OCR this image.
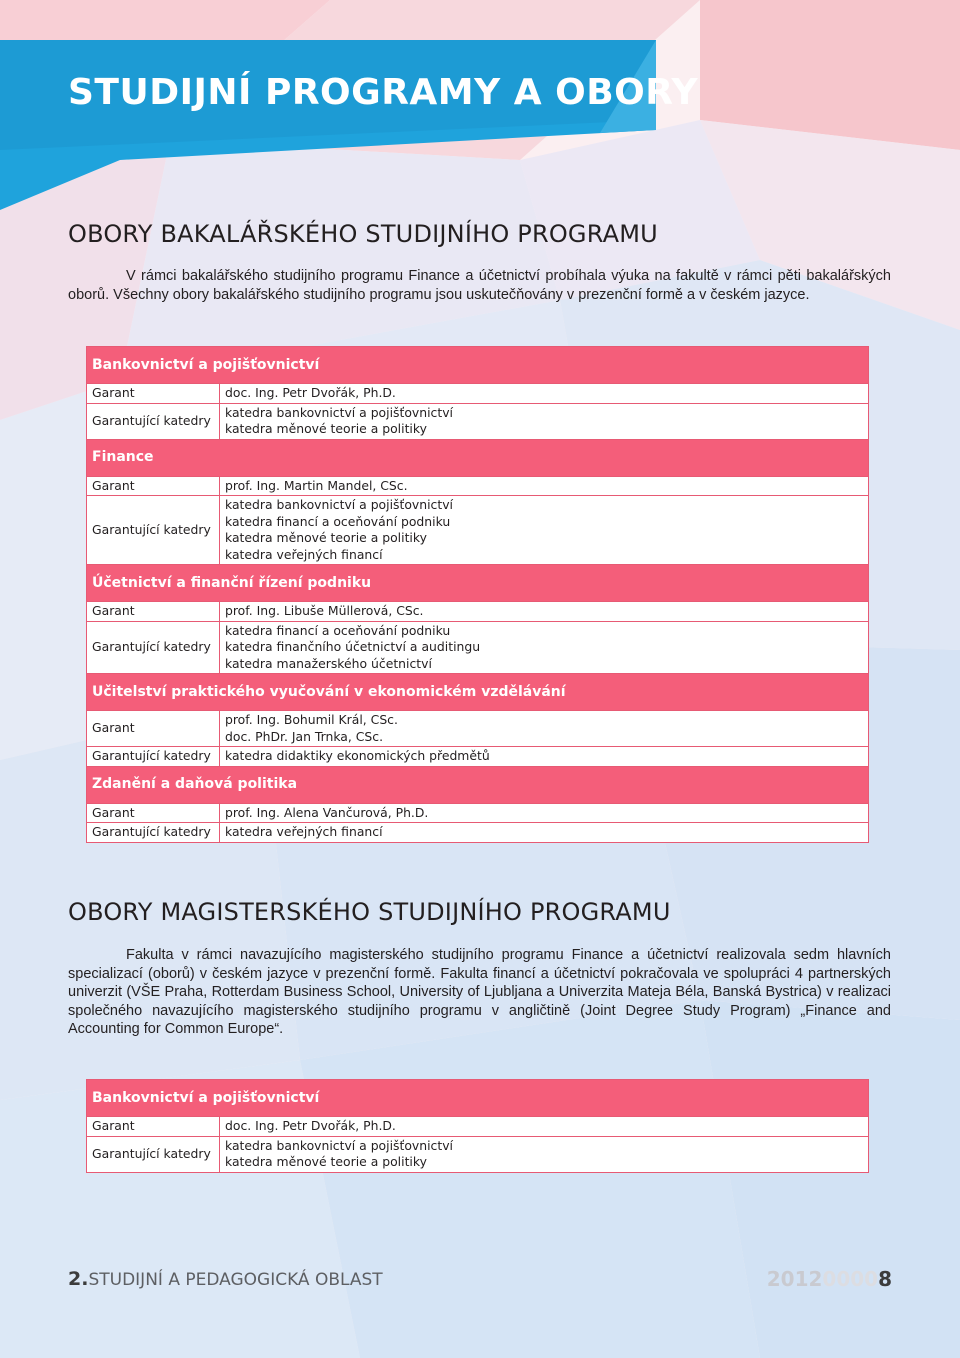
STUDIJNÍ PROGRAMY A OBORY
OBORY BAKALÁŘSKÉHO STUDIJNÍHO PROGRAMU

V rámci bakalářského studijního programu Finance a účetnictví probíhala výuka na fakultě v rámci pěti bakalářských oborů. Všechny obory bakalářského studijního programu jsou uskutečňovány v prezenční formě a v českém jazyce.

Bankovnictví a pojišťovnictví	
Garant	doc. Ing. Petr Dvořák, Ph.D.

Garantující katedry	katedra bankovnictví a pojišťovnictví
katedra měnové teorie a politiky

Finance	
Garant	prof. Ing. Martin Mandel, CSc.

Garantující katedry	katedra bankovnictví a pojišťovnictví
katedra financí a oceňování podniku
katedra měnové teorie a politiky
katedra veřejných financí

Účetnictví a finanční řízení podniku	
Garant	prof. Ing. Libuše Müllerová, CSc.

Garantující katedry	katedra financí a oceňování podniku
katedra finančního účetnictví a auditingu
katedra manažerského účetnictví

Učitelství praktického vyučování v ekonomickém vzdělávání	
Garant	prof. Ing. Bohumil Král, CSc.
doc. PhDr. Jan Trnka, CSc.

Garantující katedry	katedra didaktiky ekonomických předmětů

Zdanění a daňová politika	
Garant	prof. Ing. Alena Vančurová, Ph.D.

Garantující katedry	katedra veřejných financí
OBORY MAGISTERSKÉHO STUDIJNÍHO PROGRAMU

Fakulta v rámci navazujícího magisterského studijního programu Finance a účetnictví realizovala sedm hlavních specializací (oborů) v českém jazyce v prezenční formě. Fakulta financí a účetnictví pokračovala ve spolupráci 4 partnerských univerzit (VŠE Praha, Rotterdam Business School, University of Ljubljana a Univerzita Mateja Béla, Banská Bystrica) v realizaci společného navazujícího magisterského studijního programu v angličtině (Joint Degree Study Program) „Finance and Accounting for Common Europe“.

Bankovnictví a pojišťovnictví	
Garant	doc. Ing. Petr Dvořák, Ph.D.

Garantující katedry	katedra bankovnictví a pojišťovnictví
katedra měnové teorie a politiky

2.STUDIJNÍ A PEDAGOGICKÁ OBLAST	201200008
